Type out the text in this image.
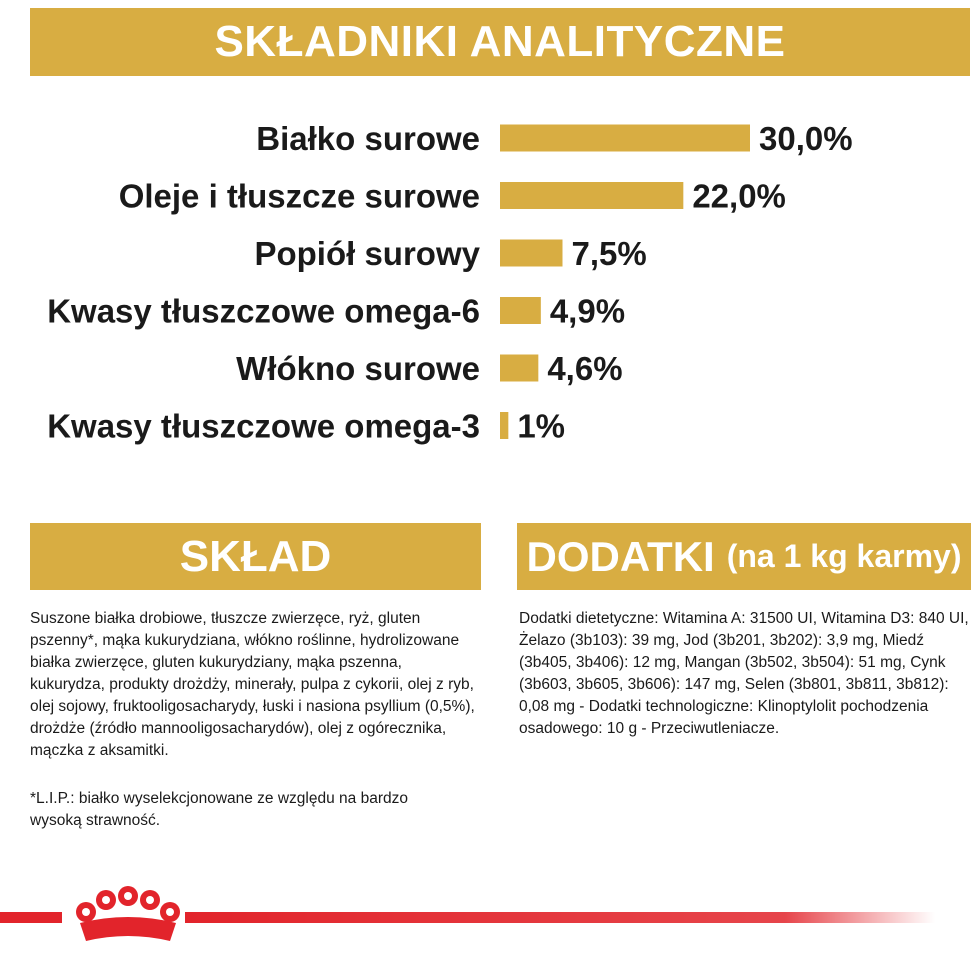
SKŁADNIKI ANALITYCZNE
Białko surowe	30,0%
Oleje i tłuszcze surowe	22,0%
Popiół surowy	7,5%
Kwasy tłuszczowe omega-6 4,9%
Włókno surowe 4,6%
Kwasy tłuszczowe omega-3 1%
SKŁAD	DODATKI (na 1 kg karmy)
Suszone białka drobiowe, tłuszcze zwierzęce, ryż, gluten pszenny*, mąka kukurydziana, włókno roślinne, hydrolizowane białka zwierzęce, gluten kukurydziany, mąka pszenna, kukurydza, produkty drożdży, minerały, pulpa z cykorii, olej z ryb, olej sojowy, fruktooligosacharydy, łuski i nasiona psyllium (0,5%), drożdże (źródło mannooligosacharydów), olej z ogórecznika, mączka z aksamitki.
*L.I.P.: białko wyselekcjonowane ze względu na bardzo wysoką strawność.
Dodatki dietetyczne: Witamina A: 31500 UI, Witamina D3: 840 UI, Żelazo (3b103): 39 mg, Jod (3b201, 3b202): 3,9 mg, Miedź (3b405, 3b406): 12 mg, Mangan (3b502, 3b504): 51 mg, Cynk (3b603, 3b605, 3b606): 147 mg, Selen (3b801, 3b811, 3b812): 0,08 mg - Dodatki technologiczne: Klinoptylolit pochodzenia osadowego: 10 g - Przeciwutleniacze.
